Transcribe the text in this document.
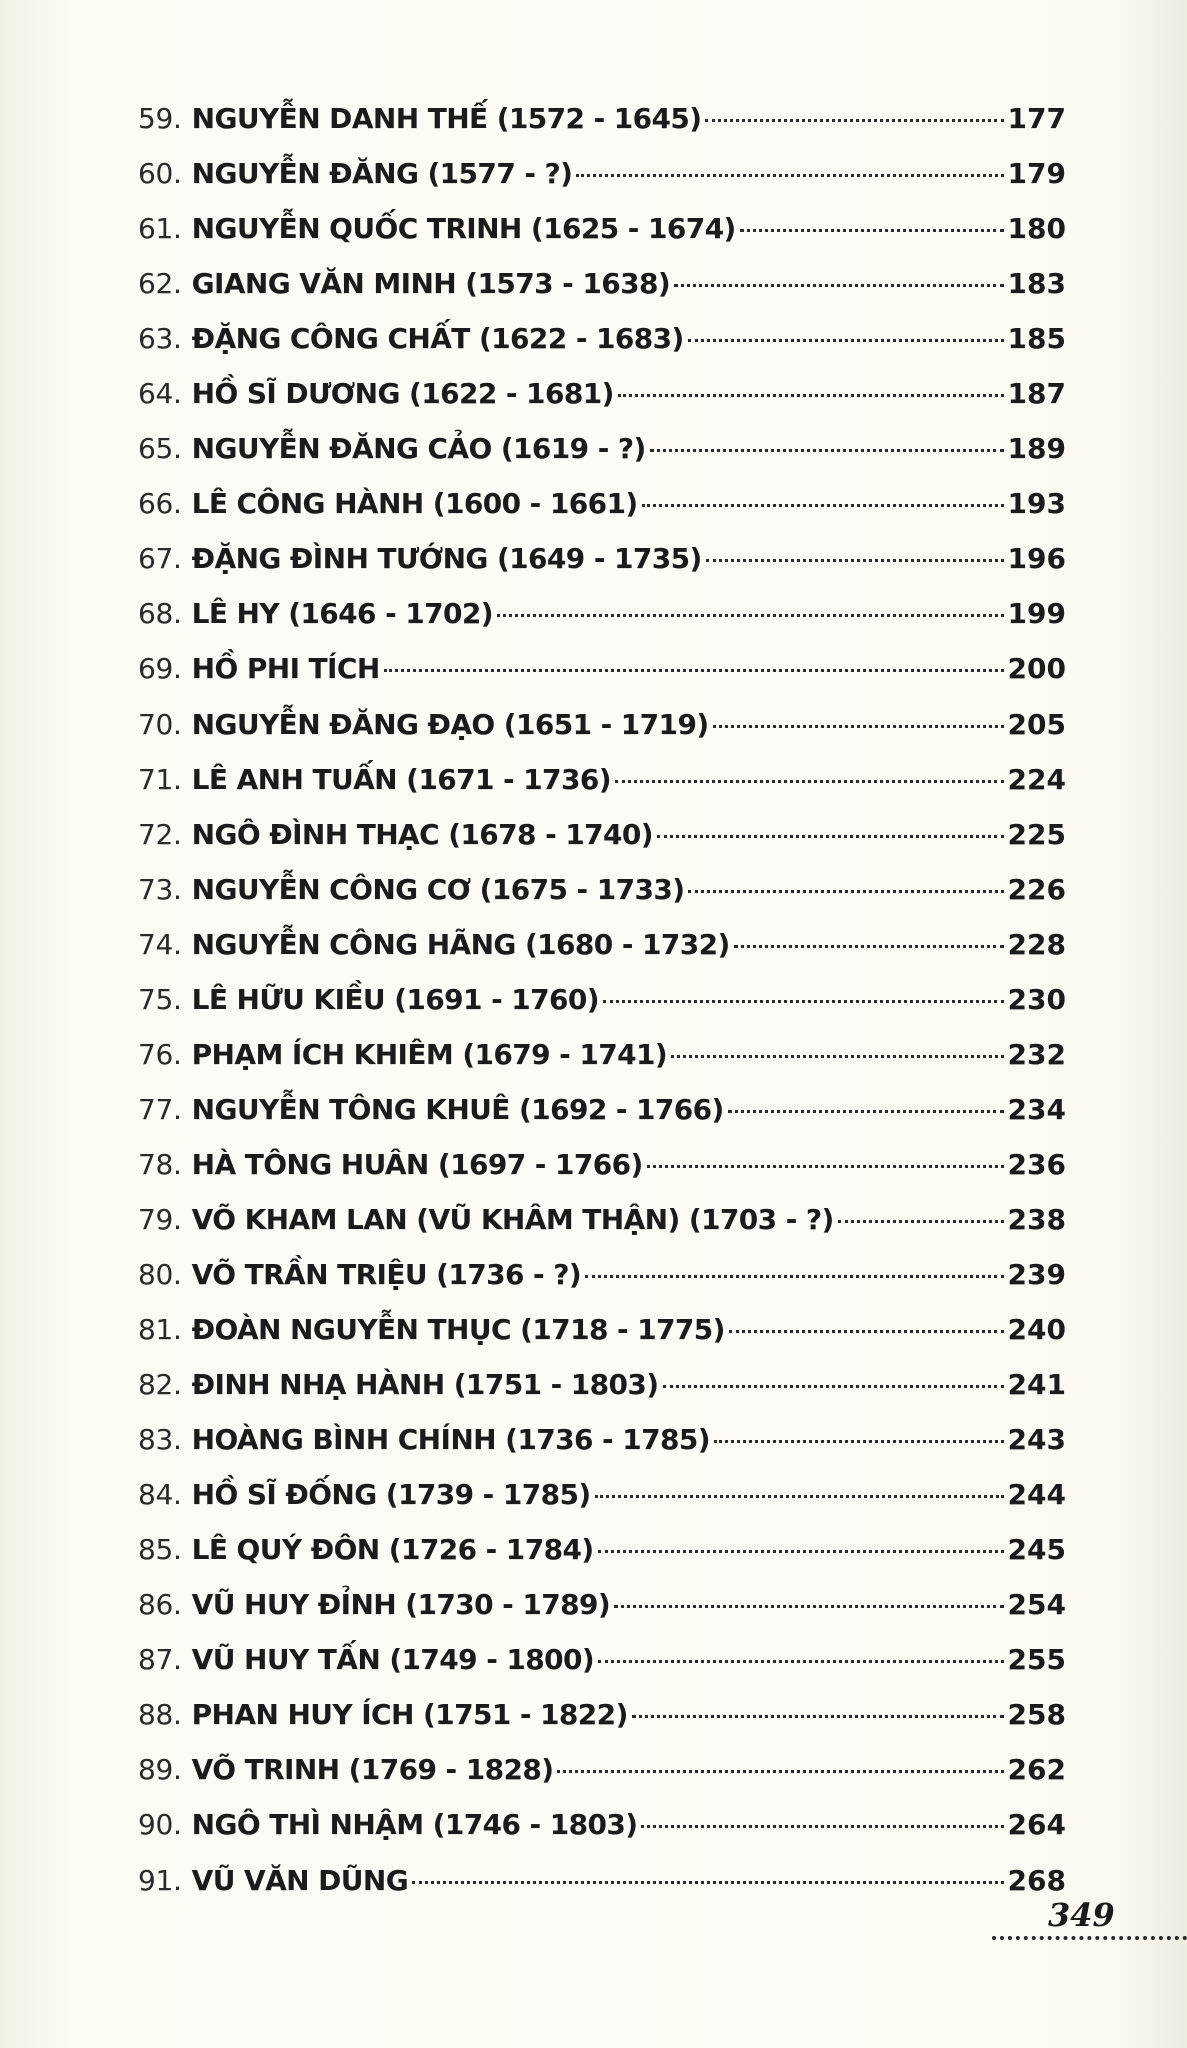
59. NGUYỄN DANH THẾ (1572 - 1645)	177
60. NGUYỄN ĐĂNG (1577 - ?)	179
61. NGUYỄN QUỐC TRINH (1625 - 1674)	180
62. GIANG VĂN MINH (1573 - 1638)	183
63. ĐẶNG CÔNG CHẤT (1622 - 1683)	185
64. HỒ SĨ DƯƠNG (1622 - 1681)	187
65. NGUYỄN ĐĂNG CẢO (1619 - ?)	189
66. LÊ CÔNG HÀNH (1600 - 1661)	193
67. ĐẶNG ĐÌNH TƯỚNG (1649 - 1735)	196
68. LÊ HY (1646 - 1702)	199
69. HỒ PHI TÍCH	200
70. NGUYỄN ĐĂNG ĐẠO (1651 - 1719)	205
71. LÊ ANH TUẤN (1671 - 1736)	224
72. NGÔ ĐÌNH THẠC (1678 - 1740)	225
73. NGUYỄN CÔNG CƠ (1675 - 1733)	226
74. NGUYỄN CÔNG HÃNG (1680 - 1732)	228
75. LÊ HỮU KIỀU (1691 - 1760)	230
76. PHẠM ÍCH KHIÊM (1679 - 1741)	232
77. NGUYỄN TÔNG KHUÊ (1692 - 1766)	234
78. HÀ TÔNG HUÂN (1697 - 1766)	236
79. VÕ KHAM LAN (VŨ KHÂM THẬN) (1703 - ?)	238
80. VÕ TRẦN TRIỆU (1736 - ?)	239
81. ĐOÀN NGUYỄN THỤC (1718 - 1775)	240
82. ĐINH NHẠ HÀNH (1751 - 1803)	241
83. HOÀNG BÌNH CHÍNH (1736 - 1785)	243
84. HỒ SĨ ĐỐNG (1739 - 1785)	244
85. LÊ QUÝ ĐÔN (1726 - 1784)	245
86. VŨ HUY ĐỈNH (1730 - 1789)	254
87. VŨ HUY TẤN (1749 - 1800)	255
88. PHAN HUY ÍCH (1751 - 1822)	258
89. VÕ TRINH (1769 - 1828)	262
90. NGÔ THÌ NHẬM (1746 - 1803)	264
91. VŨ VĂN DŨNG	268
349
